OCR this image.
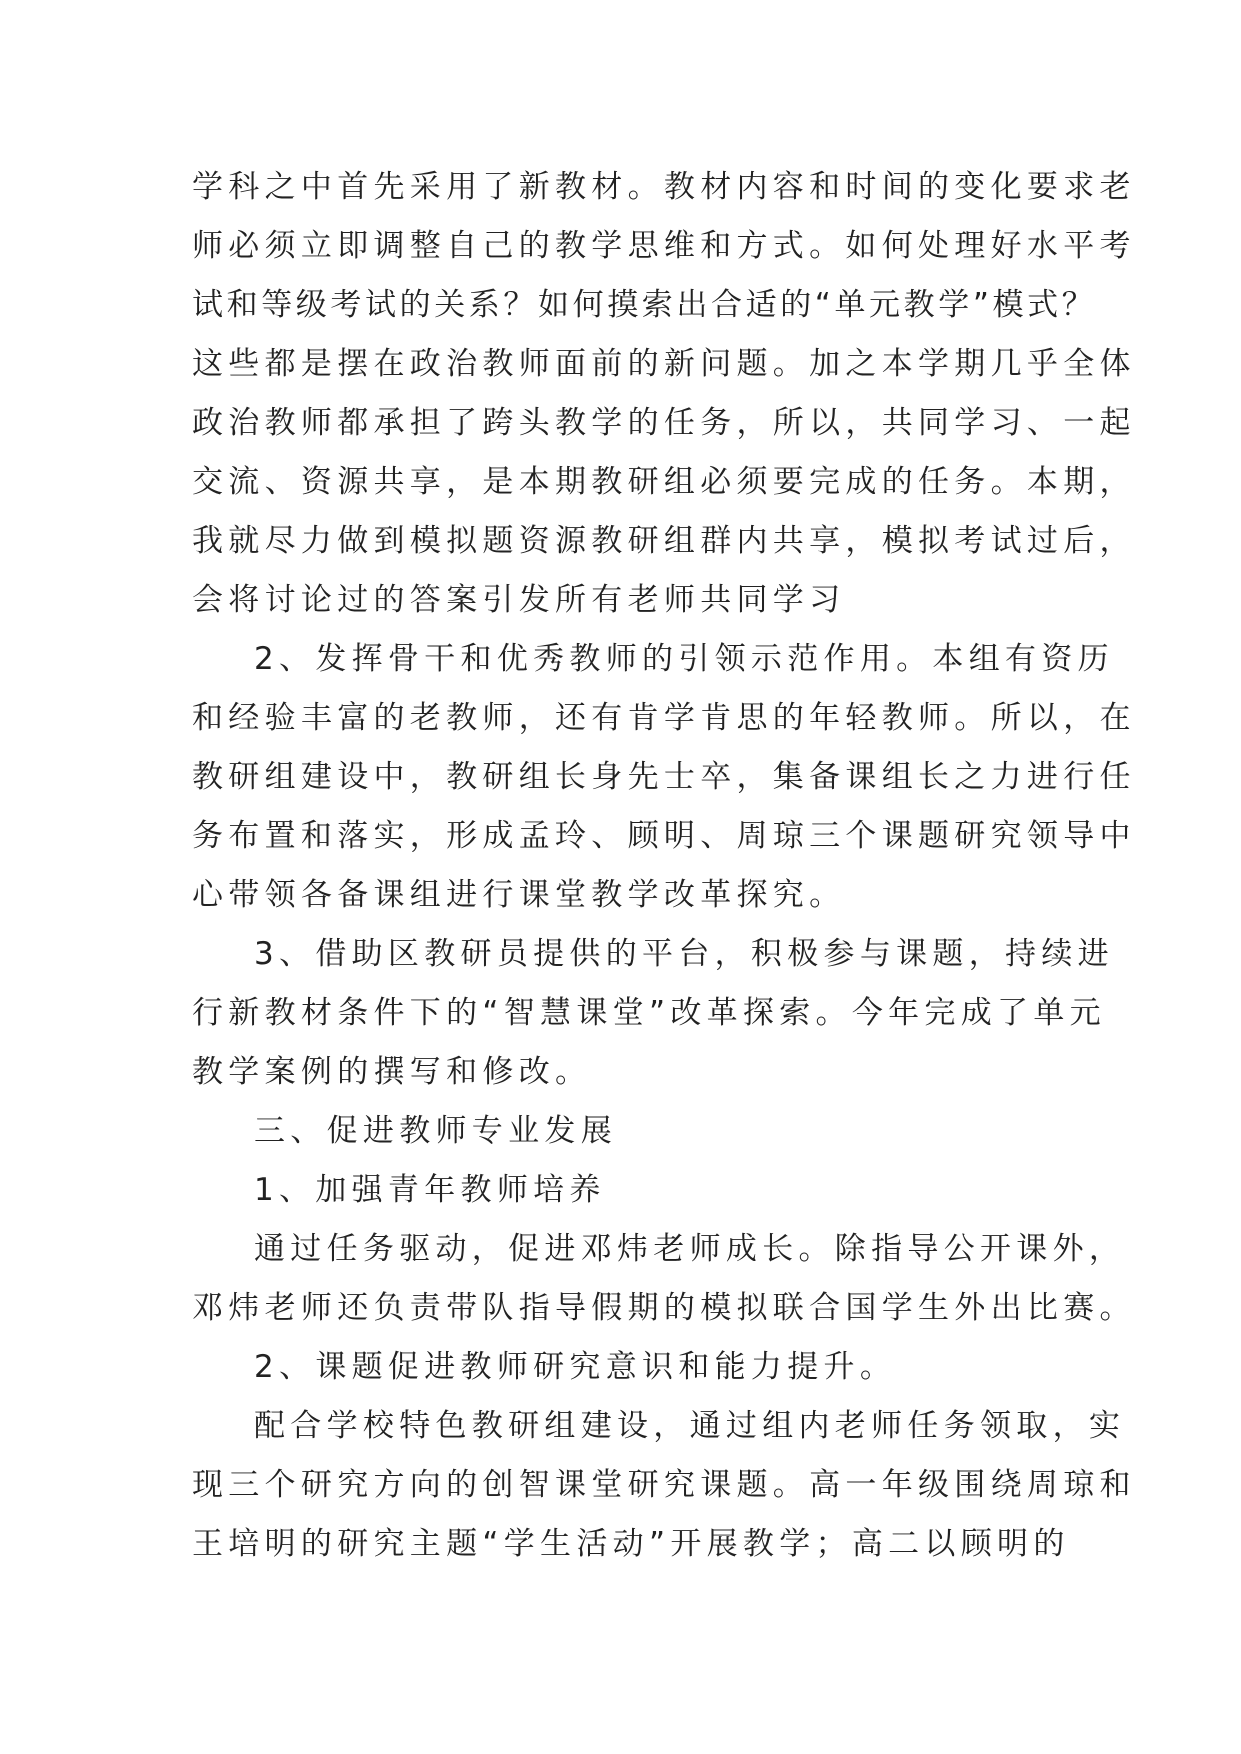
学科之中首先采用了新教材。教材内容和时间的变化要求老
师必须立即调整自己的教学思维和方式。如何处理好水平考
试和等级考试的关系？如何摸索出合适的“单元教学”模式？
这些都是摆在政治教师面前的新问题。加之本学期几乎全体
政治教师都承担了跨头教学的任务，所以，共同学习、一起
交流、资源共享，是本期教研组必须要完成的任务。本期，
我就尽力做到模拟题资源教研组群内共享，模拟考试过后，
会将讨论过的答案引发所有老师共同学习
2、发挥骨干和优秀教师的引领示范作用。本组有资历
和经验丰富的老教师，还有肯学肯思的年轻教师。所以，在
教研组建设中，教研组长身先士卒，集备课组长之力进行任
务布置和落实，形成孟玲、顾明、周琼三个课题研究领导中
心带领各备课组进行课堂教学改革探究。
3、借助区教研员提供的平台，积极参与课题，持续进
行新教材条件下的“智慧课堂”改革探索。今年完成了单元
教学案例的撰写和修改。
三、促进教师专业发展
1、加强青年教师培养
通过任务驱动，促进邓炜老师成长。除指导公开课外，
邓炜老师还负责带队指导假期的模拟联合国学生外出比赛。
2、课题促进教师研究意识和能力提升。
配合学校特色教研组建设，通过组内老师任务领取，实
现三个研究方向的创智课堂研究课题。高一年级围绕周琼和
王培明的研究主题“学生活动”开展教学；高二以顾明的
